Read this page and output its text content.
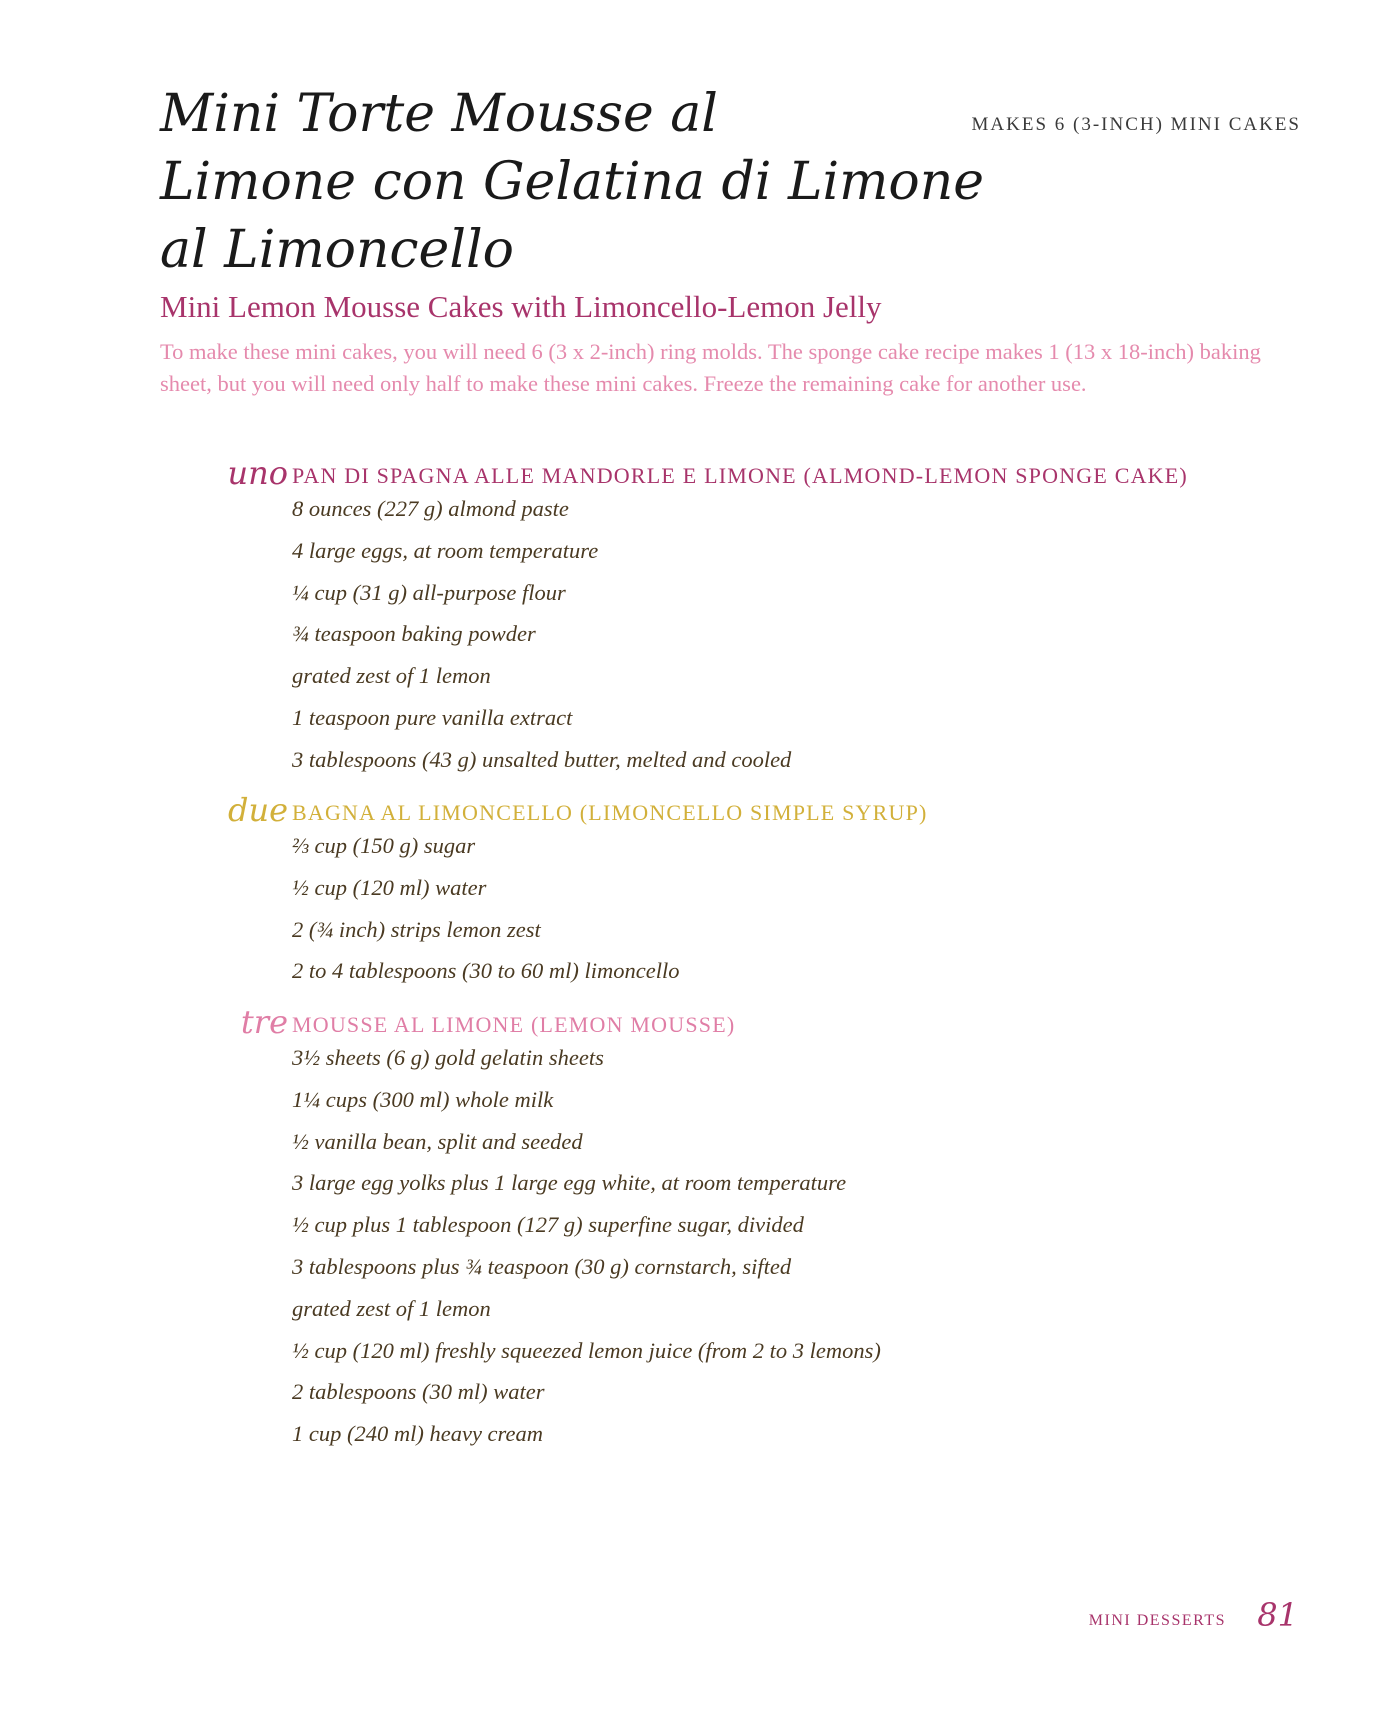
Mini Torte Mousse al
Limone con Gelatina di Limone
al Limoncello
MAKES 6 (3-INCH) MINI CAKES
Mini Lemon Mousse Cakes with Limoncello-Lemon Jelly

To make these mini cakes, you will need 6 (3 x 2-inch) ring molds. The sponge cake recipe makes 1 (13 x 18-inch) baking sheet, but you will need only half to make these mini cakes. Freeze the remaining cake for another use.

uno PAN DI SPAGNA ALLE MANDORLE E LIMONE (ALMOND-LEMON SPONGE CAKE)
8 ounces (227 g) almond paste
4 large eggs, at room temperature
¼ cup (31 g) all-purpose flour
¾ teaspoon baking powder
grated zest of 1 lemon
1 teaspoon pure vanilla extract
3 tablespoons (43 g) unsalted butter, melted and cooled
due BAGNA AL LIMONCELLO (LIMONCELLO SIMPLE SYRUP)
⅔ cup (150 g) sugar
½ cup (120 ml) water
2 (¾ inch) strips lemon zest
2 to 4 tablespoons (30 to 60 ml) limoncello
tre MOUSSE AL LIMONE (LEMON MOUSSE)
3½ sheets (6 g) gold gelatin sheets
1¼ cups (300 ml) whole milk
½ vanilla bean, split and seeded
3 large egg yolks plus 1 large egg white, at room temperature
½ cup plus 1 tablespoon (127 g) superfine sugar, divided
3 tablespoons plus ¾ teaspoon (30 g) cornstarch, sifted
grated zest of 1 lemon
½ cup (120 ml) freshly squeezed lemon juice (from 2 to 3 lemons)
2 tablespoons (30 ml) water
1 cup (240 ml) heavy cream
MINI DESSERTS 81
